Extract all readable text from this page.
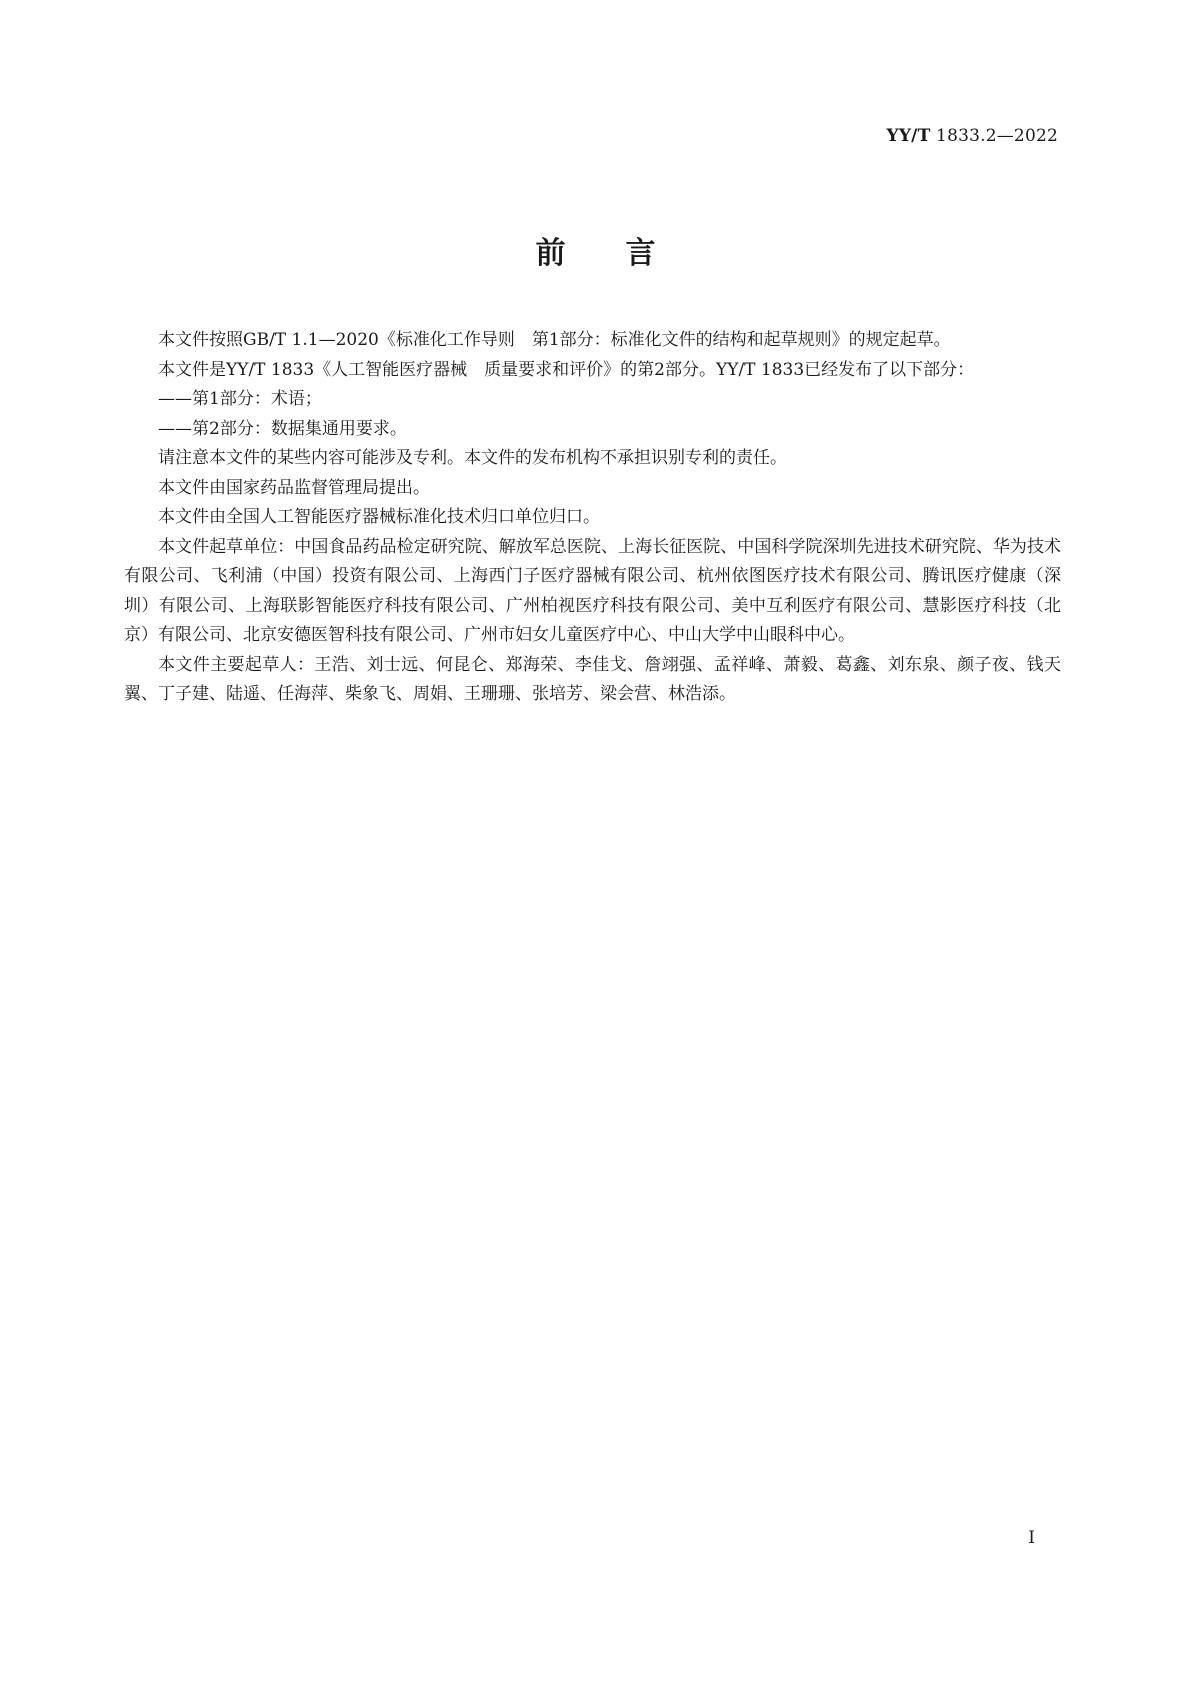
YY/T 1833.2—2022
前言

本文件按照GB/T 1.1—2020《标准化工作导则　第1部分：标准化文件的结构和起草规则》的规定起草。

本文件是YY/T 1833《人工智能医疗器械　质量要求和评价》的第2部分。YY/T 1833已经发布了以下部分：

——第1部分：术语；

——第2部分：数据集通用要求。

请注意本文件的某些内容可能涉及专利。本文件的发布机构不承担识别专利的责任。

本文件由国家药品监督管理局提出。

本文件由全国人工智能医疗器械标准化技术归口单位归口。

本文件起草单位：中国食品药品检定研究院、解放军总医院、上海长征医院、中国科学院深圳先进技术研究院、华为技术有限公司、飞利浦（中国）投资有限公司、上海西门子医疗器械有限公司、杭州依图医疗技术有限公司、腾讯医疗健康（深圳）有限公司、上海联影智能医疗科技有限公司、广州柏视医疗科技有限公司、美中互利医疗有限公司、慧影医疗科技（北京）有限公司、北京安德医智科技有限公司、广州市妇女儿童医疗中心、中山大学中山眼科中心。

本文件主要起草人：王浩、刘士远、何昆仑、郑海荣、李佳戈、詹翊强、孟祥峰、萧毅、葛鑫、刘东泉、颜子夜、钱天翼、丁子建、陆遥、任海萍、柴象飞、周娟、王珊珊、张培芳、梁会营、林浩添。

I
